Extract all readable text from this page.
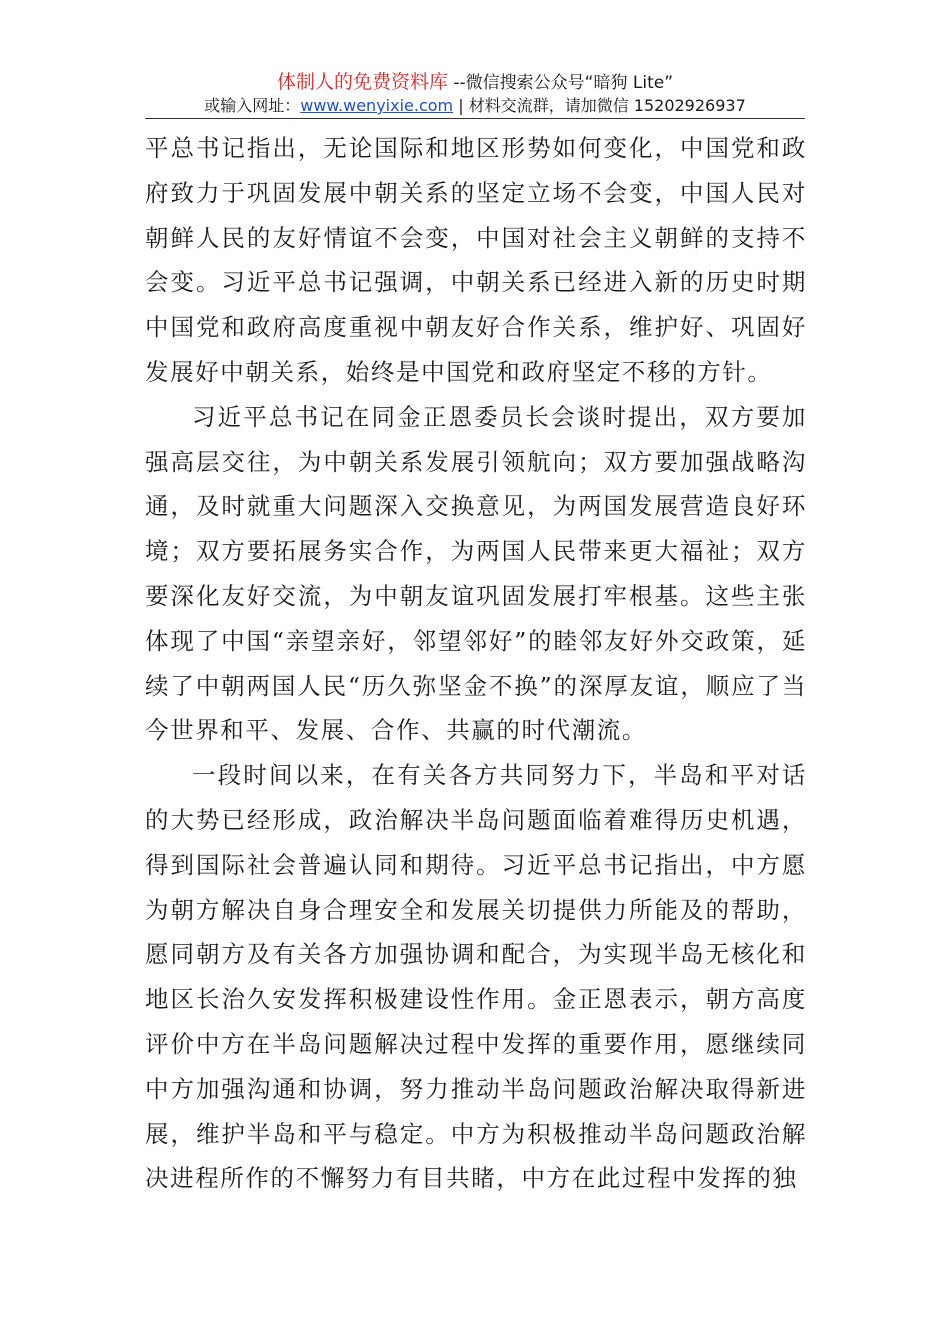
体制人的免费资料库 --微信搜索公众号“暗狗 Lite”
或输入网址：www.wenyixie.com | 材料交流群，请加微信 15202926937

平总书记指出，无论国际和地区形势如何变化，中国党和政府致力于巩固发展中朝关系的坚定立场不会变，中国人民对朝鲜人民的友好情谊不会变，中国对社会主义朝鲜的支持不会变。习近平总书记强调，中朝关系已经进入新的历史时期中国党和政府高度重视中朝友好合作关系，维护好、巩固好发展好中朝关系，始终是中国党和政府坚定不移的方针。

习近平总书记在同金正恩委员长会谈时提出，双方要加强高层交往，为中朝关系发展引领航向；双方要加强战略沟通，及时就重大问题深入交换意见，为两国发展营造良好环境；双方要拓展务实合作，为两国人民带来更大福祉；双方要深化友好交流，为中朝友谊巩固发展打牢根基。这些主张体现了中国“亲望亲好，邻望邻好”的睦邻友好外交政策，延续了中朝两国人民“历久弥坚金不换”的深厚友谊，顺应了当今世界和平、发展、合作、共赢的时代潮流。

一段时间以来，在有关各方共同努力下，半岛和平对话的大势已经形成，政治解决半岛问题面临着难得历史机遇，得到国际社会普遍认同和期待。习近平总书记指出，中方愿为朝方解决自身合理安全和发展关切提供力所能及的帮助，愿同朝方及有关各方加强协调和配合，为实现半岛无核化和地区长治久安发挥积极建设性作用。金正恩表示，朝方高度评价中方在半岛问题解决过程中发挥的重要作用，愿继续同中方加强沟通和协调，努力推动半岛问题政治解决取得新进展，维护半岛和平与稳定。中方为积极推动半岛问题政治解决进程所作的不懈努力有目共睹，中方在此过程中发挥的独
